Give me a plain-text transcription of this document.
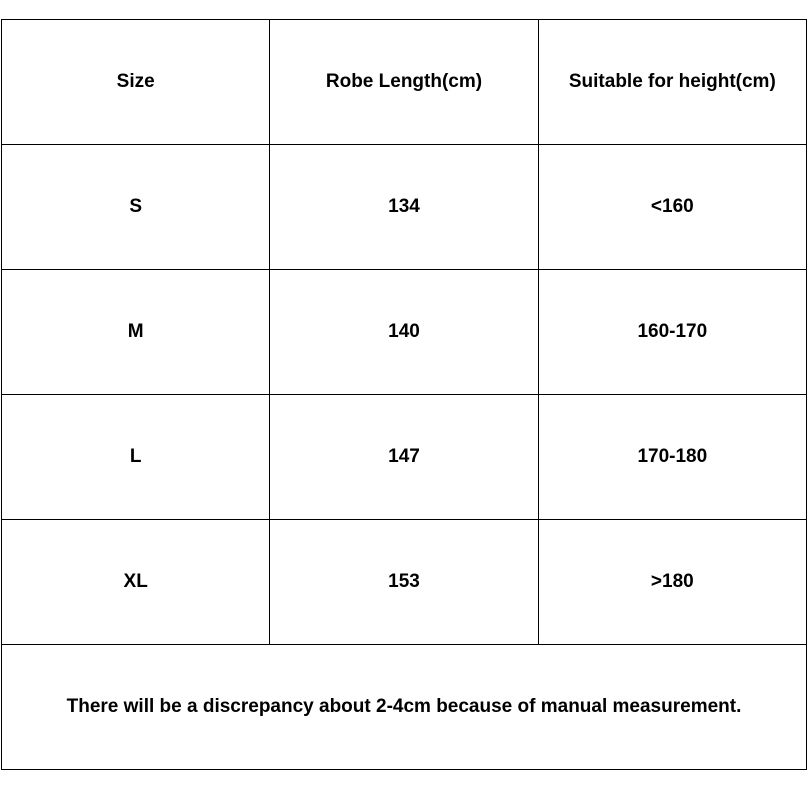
Size	Robe Length(cm)	Suitable for height(cm)
S	134	<160
M	140	160-170
L	147	170-180
XL	153	>180
There will be a discrepancy about 2-4cm because of manual measurement.		
